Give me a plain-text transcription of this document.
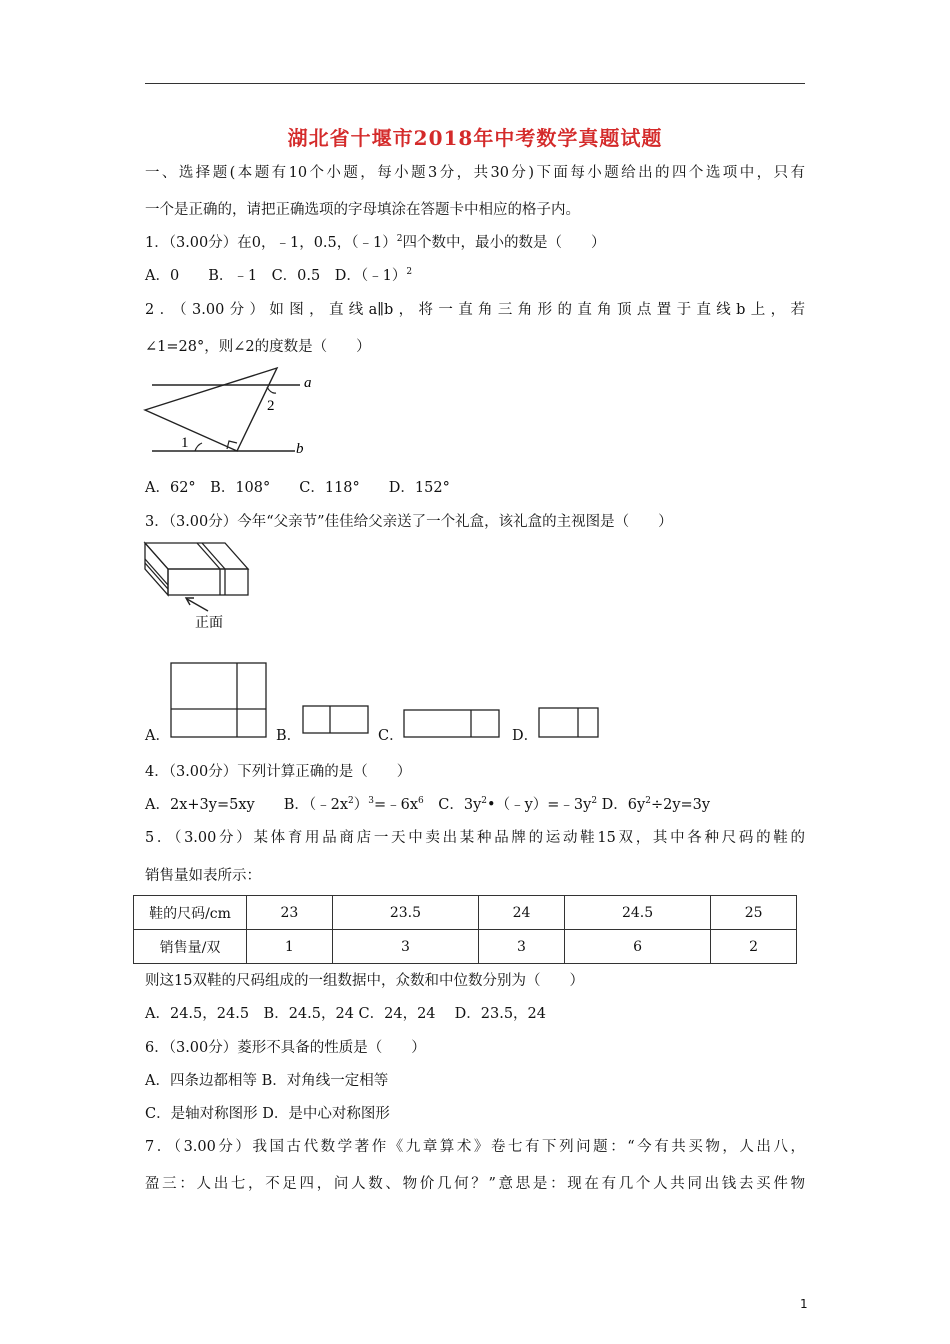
湖北省十堰市2018年中考数学真题试题
一、选择题(本题有10个小题，每小题3分，共30分)下面每小题给出的四个选项中，只有
一个是正确的，请把正确选项的字母填涂在答题卡中相应的格子内。
1．（3.00分）在0，﹣1，0.5，（﹣1）$^2$四个数中，最小的数是（　　）
A．0　　B．﹣1　C．0.5　D．（﹣1）$^2$
2．（3.00分）如图，直线a∥b，将一直角三角形的直角顶点置于直线b上，若
∠1=28°，则∠2的度数是（　　）
a
b
1
2
A．62°　B．108°　　C．118°　　D．152°
3．（3.00分）今年“父亲节”佳佳给父亲送了一个礼盒，该礼盒的主视图是（　　）
正面
A．	B．	C．	D．
4．（3.00分）下列计算正确的是（　　）
A．2x+3y=5xy　　 B．$(﹣2x^2)^3=﹣6x^6$　 C．$3y^2•(﹣y)=﹣3y^2$ D．$6y^2\div 2y=3y$
5．（3.00分）某体育用品商店一天中卖出某种品牌的运动鞋15双，其中各种尺码的鞋的
销售量如表所示：
鞋的尺码/cm	23	23.5	24	24.5	25
销售量/双	1	3	3	6	2
则这15双鞋的尺码组成的一组数据中，众数和中位数分别为（　　）
A．24.5，24.5　B．24.5，24 C．24，24　 D．23.5，24
6．（3.00分）菱形不具备的性质是（　　）
A．四条边都相等 B．对角线一定相等
C．是轴对称图形 D．是中心对称图形
7．（3.00分）我国古代数学著作《九章算术》卷七有下列问题：“今有共买物，人出八，
盈三：人出七，不足四，问人数、物价几何？”意思是：现在有几个人共同出钱去买件物
1
